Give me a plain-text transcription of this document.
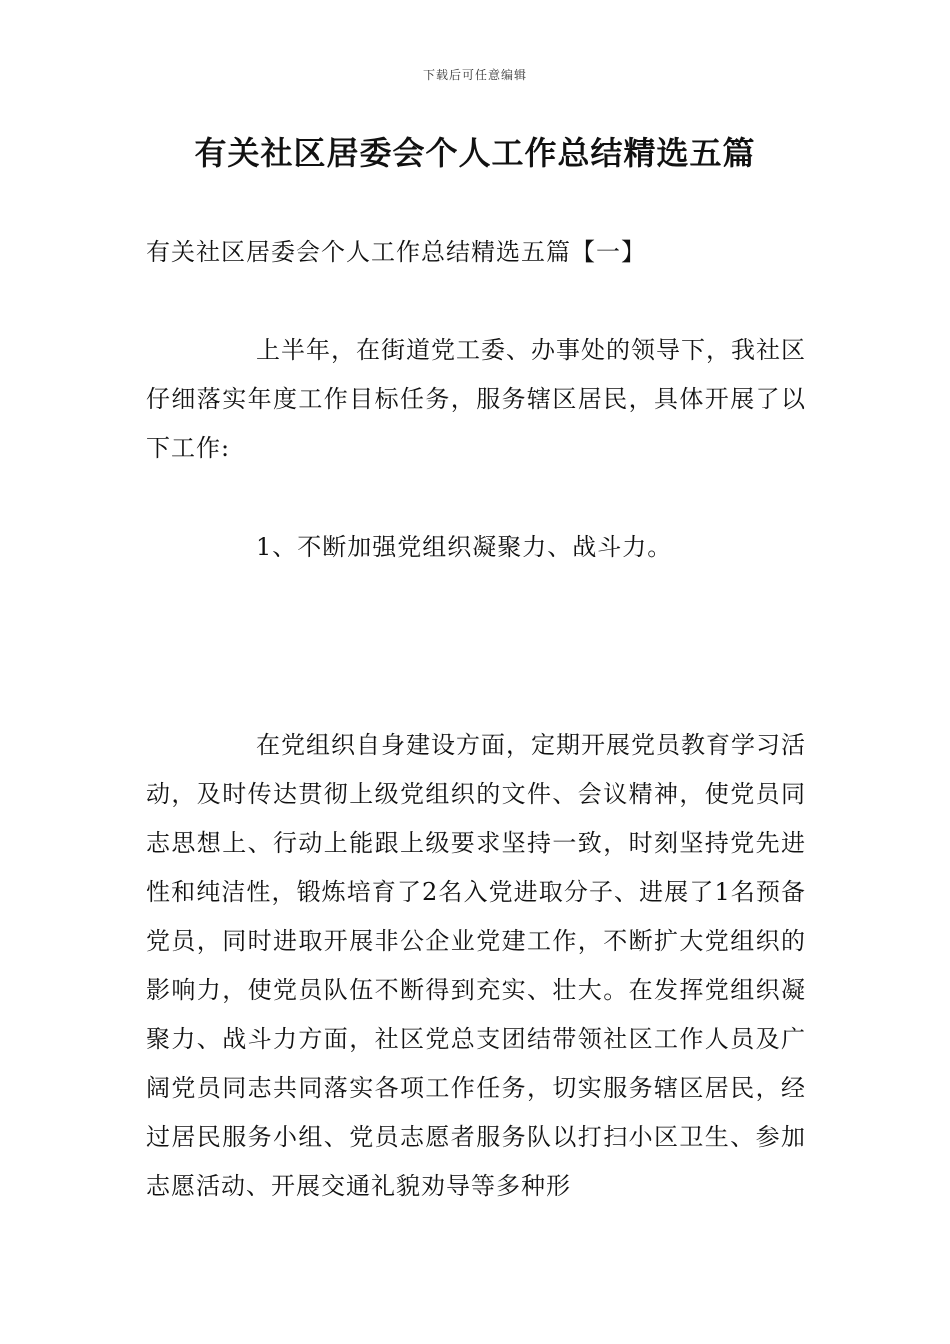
下载后可任意编辑
有关社区居委会个人工作总结精选五篇
有关社区居委会个人工作总结精选五篇【一】
上半年，在街道党工委、办事处的领导下，我社区仔细落实年度工作目标任务，服务辖区居民，具体开展了以下工作:
1、不断加强党组织凝聚力、战斗力。
在党组织自身建设方面，定期开展党员教育学习活动，及时传达贯彻上级党组织的文件、会议精神，使党员同志思想上、行动上能跟上级要求坚持一致，时刻坚持党先进性和纯洁性，锻炼培育了2名入党进取分子、进展了1名预备党员，同时进取开展非公企业党建工作，不断扩大党组织的影响力，使党员队伍不断得到充实、壮大。在发挥党组织凝聚力、战斗力方面，社区党总支团结带领社区工作人员及广阔党员同志共同落实各项工作任务，切实服务辖区居民，经过居民服务小组、党员志愿者服务队以打扫小区卫生、参加志愿活动、开展交通礼貌劝导等多种形
